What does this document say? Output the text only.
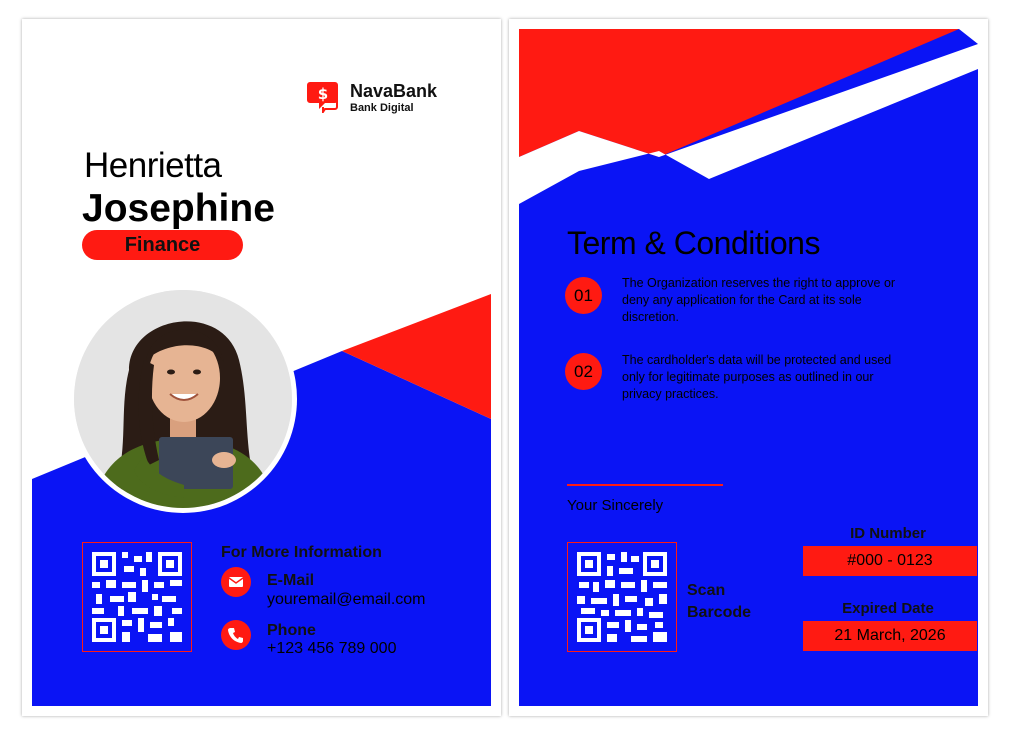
$ NavaBank
Bank Digital
Henrietta
Josephine
Finance
For More Information
E-Mail
youremail@email.com
Phone
+123 456 789 000
Term & Conditions
01
The Organization reserves the right to approve or deny any application for the Card at its sole discretion.
02
The cardholder's data will be protected and used only for legitimate purposes as outlined in our privacy practices.
Your Sincerely
Scan Barcode
ID Number
#000 - 0123
Expired Date
21 March, 2026
